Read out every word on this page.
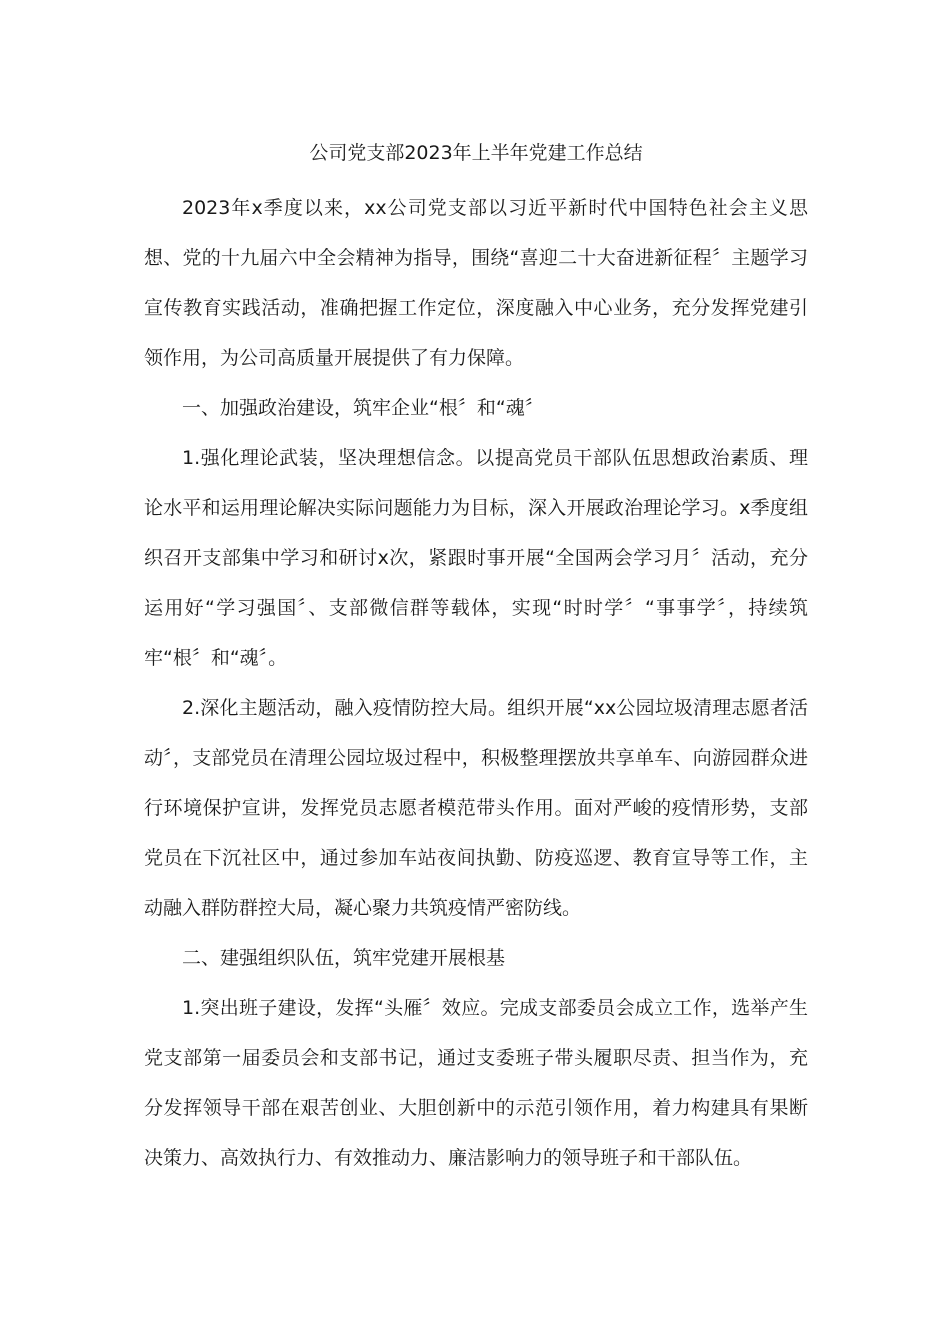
公司党支部2023年上半年党建工作总结

2023年x季度以来，xx公司党支部以习近平新时代中国特色社会主义思想、党的十九届六中全会精神为指导，围绕“喜迎二十大奋进新征程〞主题学习宣传教育实践活动，准确把握工作定位，深度融入中心业务，充分发挥党建引领作用，为公司高质量开展提供了有力保障。

一、加强政治建设，筑牢企业“根〞和“魂〞

1.强化理论武装，坚决理想信念。以提高党员干部队伍思想政治素质、理论水平和运用理论解决实际问题能力为目标，深入开展政治理论学习。x季度组织召开支部集中学习和研讨x次，紧跟时事开展“全国两会学习月〞活动，充分运用好“学习强国〞、支部微信群等载体，实现“时时学〞“事事学〞，持续筑牢“根〞和“魂〞。

2.深化主题活动，融入疫情防控大局。组织开展“xx公园垃圾清理志愿者活动〞，支部党员在清理公园垃圾过程中，积极整理摆放共享单车、向游园群众进行环境保护宣讲，发挥党员志愿者模范带头作用。面对严峻的疫情形势，支部党员在下沉社区中，通过参加车站夜间执勤、防疫巡逻、教育宣导等工作，主动融入群防群控大局，凝心聚力共筑疫情严密防线。

二、建强组织队伍，筑牢党建开展根基

1.突出班子建设，发挥“头雁〞效应。完成支部委员会成立工作，选举产生党支部第一届委员会和支部书记，通过支委班子带头履职尽责、担当作为，充分发挥领导干部在艰苦创业、大胆创新中的示范引领作用，着力构建具有果断决策力、高效执行力、有效推动力、廉洁影响力的领导班子和干部队伍。
